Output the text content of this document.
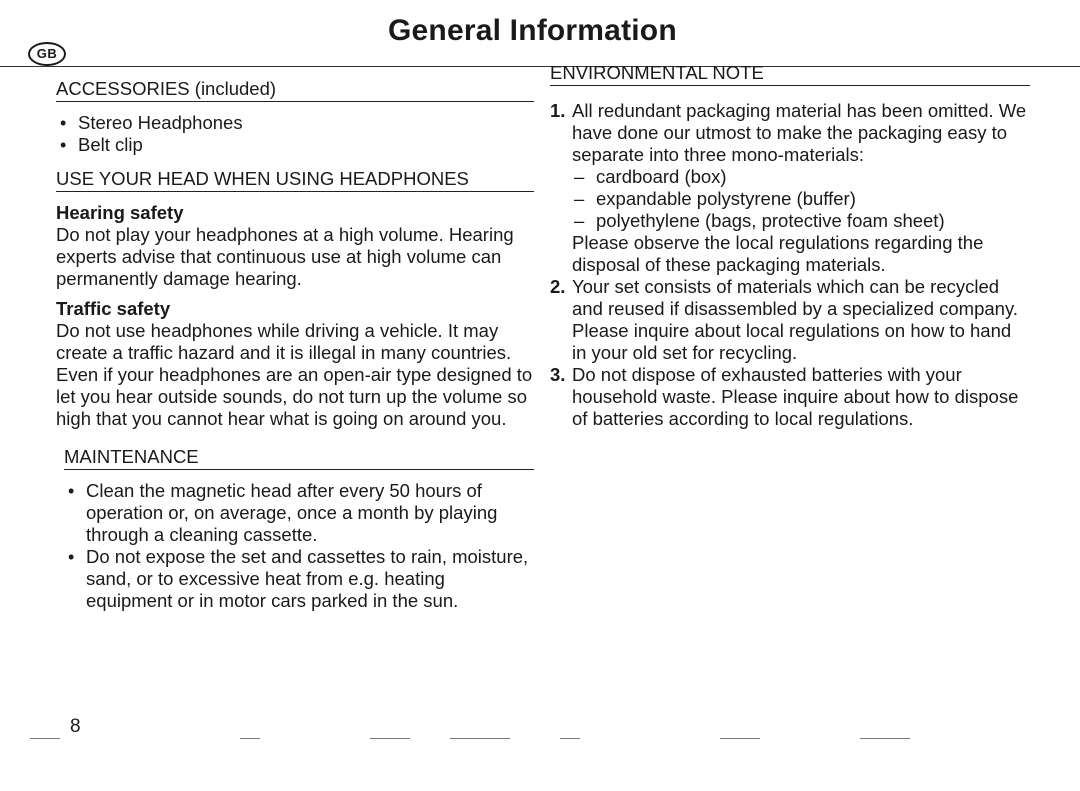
GB
General Information
ACCESSORIES (included)
• Stereo Headphones
• Belt clip
USE YOUR HEAD WHEN USING HEADPHONES

Hearing safety

Do not play your headphones at a high volume. Hearing experts advise that continuous use at high volume can permanently damage hearing.

Traffic safety

Do not use headphones while driving a vehicle. It may create a traffic hazard and it is illegal in many countries. Even if your headphones are an open-air type designed to let you hear outside sounds, do not turn up the volume so high that you cannot hear what is going on around you.

MAINTENANCE
• Clean the magnetic head after every 50 hours of operation or, on average, once a month by playing through a cleaning cassette.
• Do not expose the set and cassettes to rain, moisture, sand, or to excessive heat from e.g. heating equipment or in motor cars parked in the sun.
ENVIRONMENTAL NOTE
1. All redundant packaging material has been omitted. We have done our utmost to make the packaging easy to separate into three mono-materials:
– cardboard (box)
– expandable polystyrene (buffer)
– polyethylene (bags, protective foam sheet)
Please observe the local regulations regarding the disposal of these packaging materials.
2. Your set consists of materials which can be recycled and reused if disassembled by a specialized company. Please inquire about local regulations on how to hand in your old set for recycling.
3. Do not dispose of exhausted batteries with your household waste. Please inquire about how to dispose of batteries according to local regulations.
8
